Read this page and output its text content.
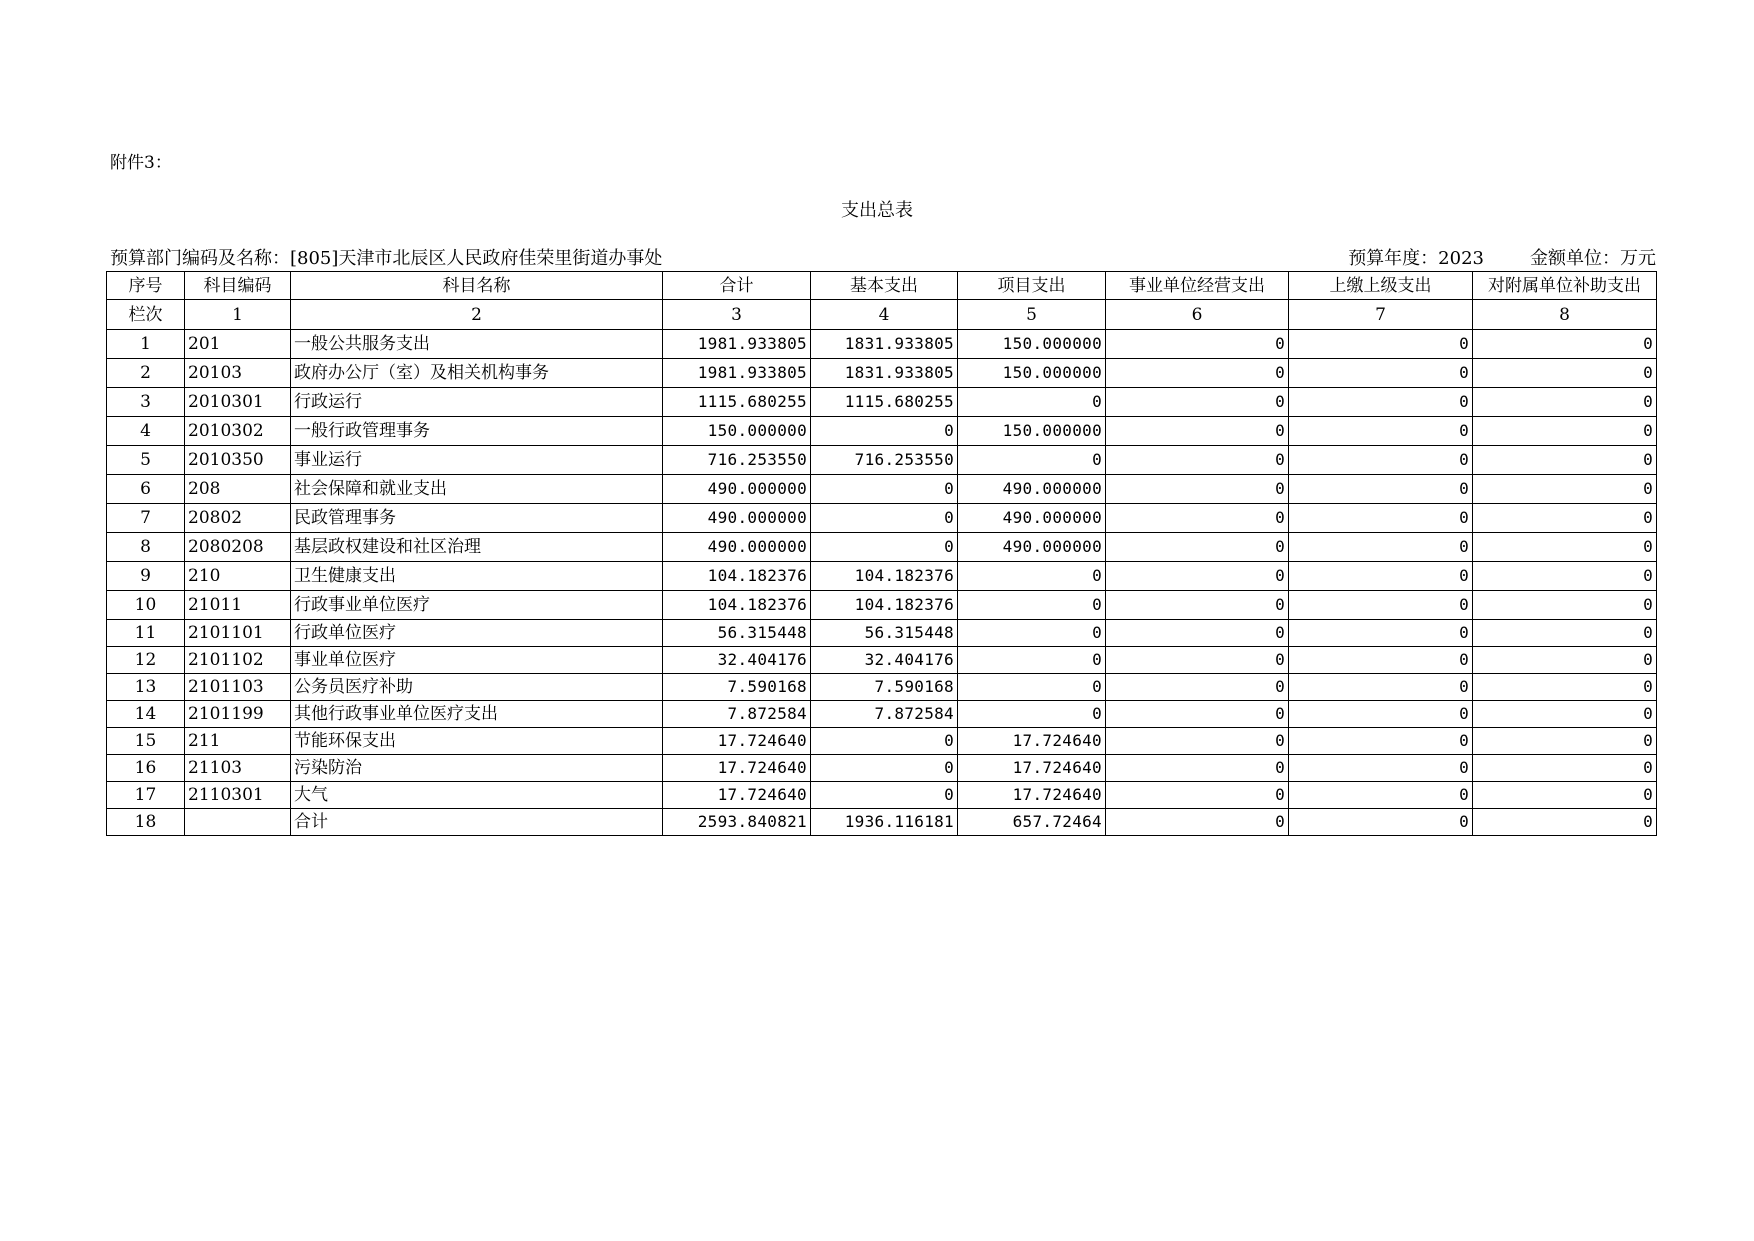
附件3：
支出总表
预算部门编码及名称：[805]天津市北辰区人民政府佳荣里街道办事处	预算年度：2023	金额单位：万元
序号	科目编码	科目名称	合计	基本支出	项目支出	事业单位经营支出	上缴上级支出	对附属单位补助支出
栏次	1	2	3	4	5	6	7	8
1	201	一般公共服务支出	1981.933805	1831.933805	150.000000	0	0	0
2	20103	政府办公厅（室）及相关机构事务	1981.933805	1831.933805	150.000000	0	0	0
3	2010301	行政运行	1115.680255	1115.680255	0	0	0	0
4	2010302	一般行政管理事务	150.000000	0	150.000000	0	0	0
5	2010350	事业运行	716.253550	716.253550	0	0	0	0
6	208	社会保障和就业支出	490.000000	0	490.000000	0	0	0
7	20802	民政管理事务	490.000000	0	490.000000	0	0	0
8	2080208	基层政权建设和社区治理	490.000000	0	490.000000	0	0	0
9	210	卫生健康支出	104.182376	104.182376	0	0	0	0
10	21011	行政事业单位医疗	104.182376	104.182376	0	0	0	0
11	2101101	行政单位医疗	56.315448	56.315448	0	0	0	0
12	2101102	事业单位医疗	32.404176	32.404176	0	0	0	0
13	2101103	公务员医疗补助	7.590168	7.590168	0	0	0	0
14	2101199	其他行政事业单位医疗支出	7.872584	7.872584	0	0	0	0
15	211	节能环保支出	17.724640	0	17.724640	0	0	0
16	21103	污染防治	17.724640	0	17.724640	0	0	0
17	2110301	大气	17.724640	0	17.724640	0	0	0
18		合计	2593.840821	1936.116181	657.72464	0	0	0
